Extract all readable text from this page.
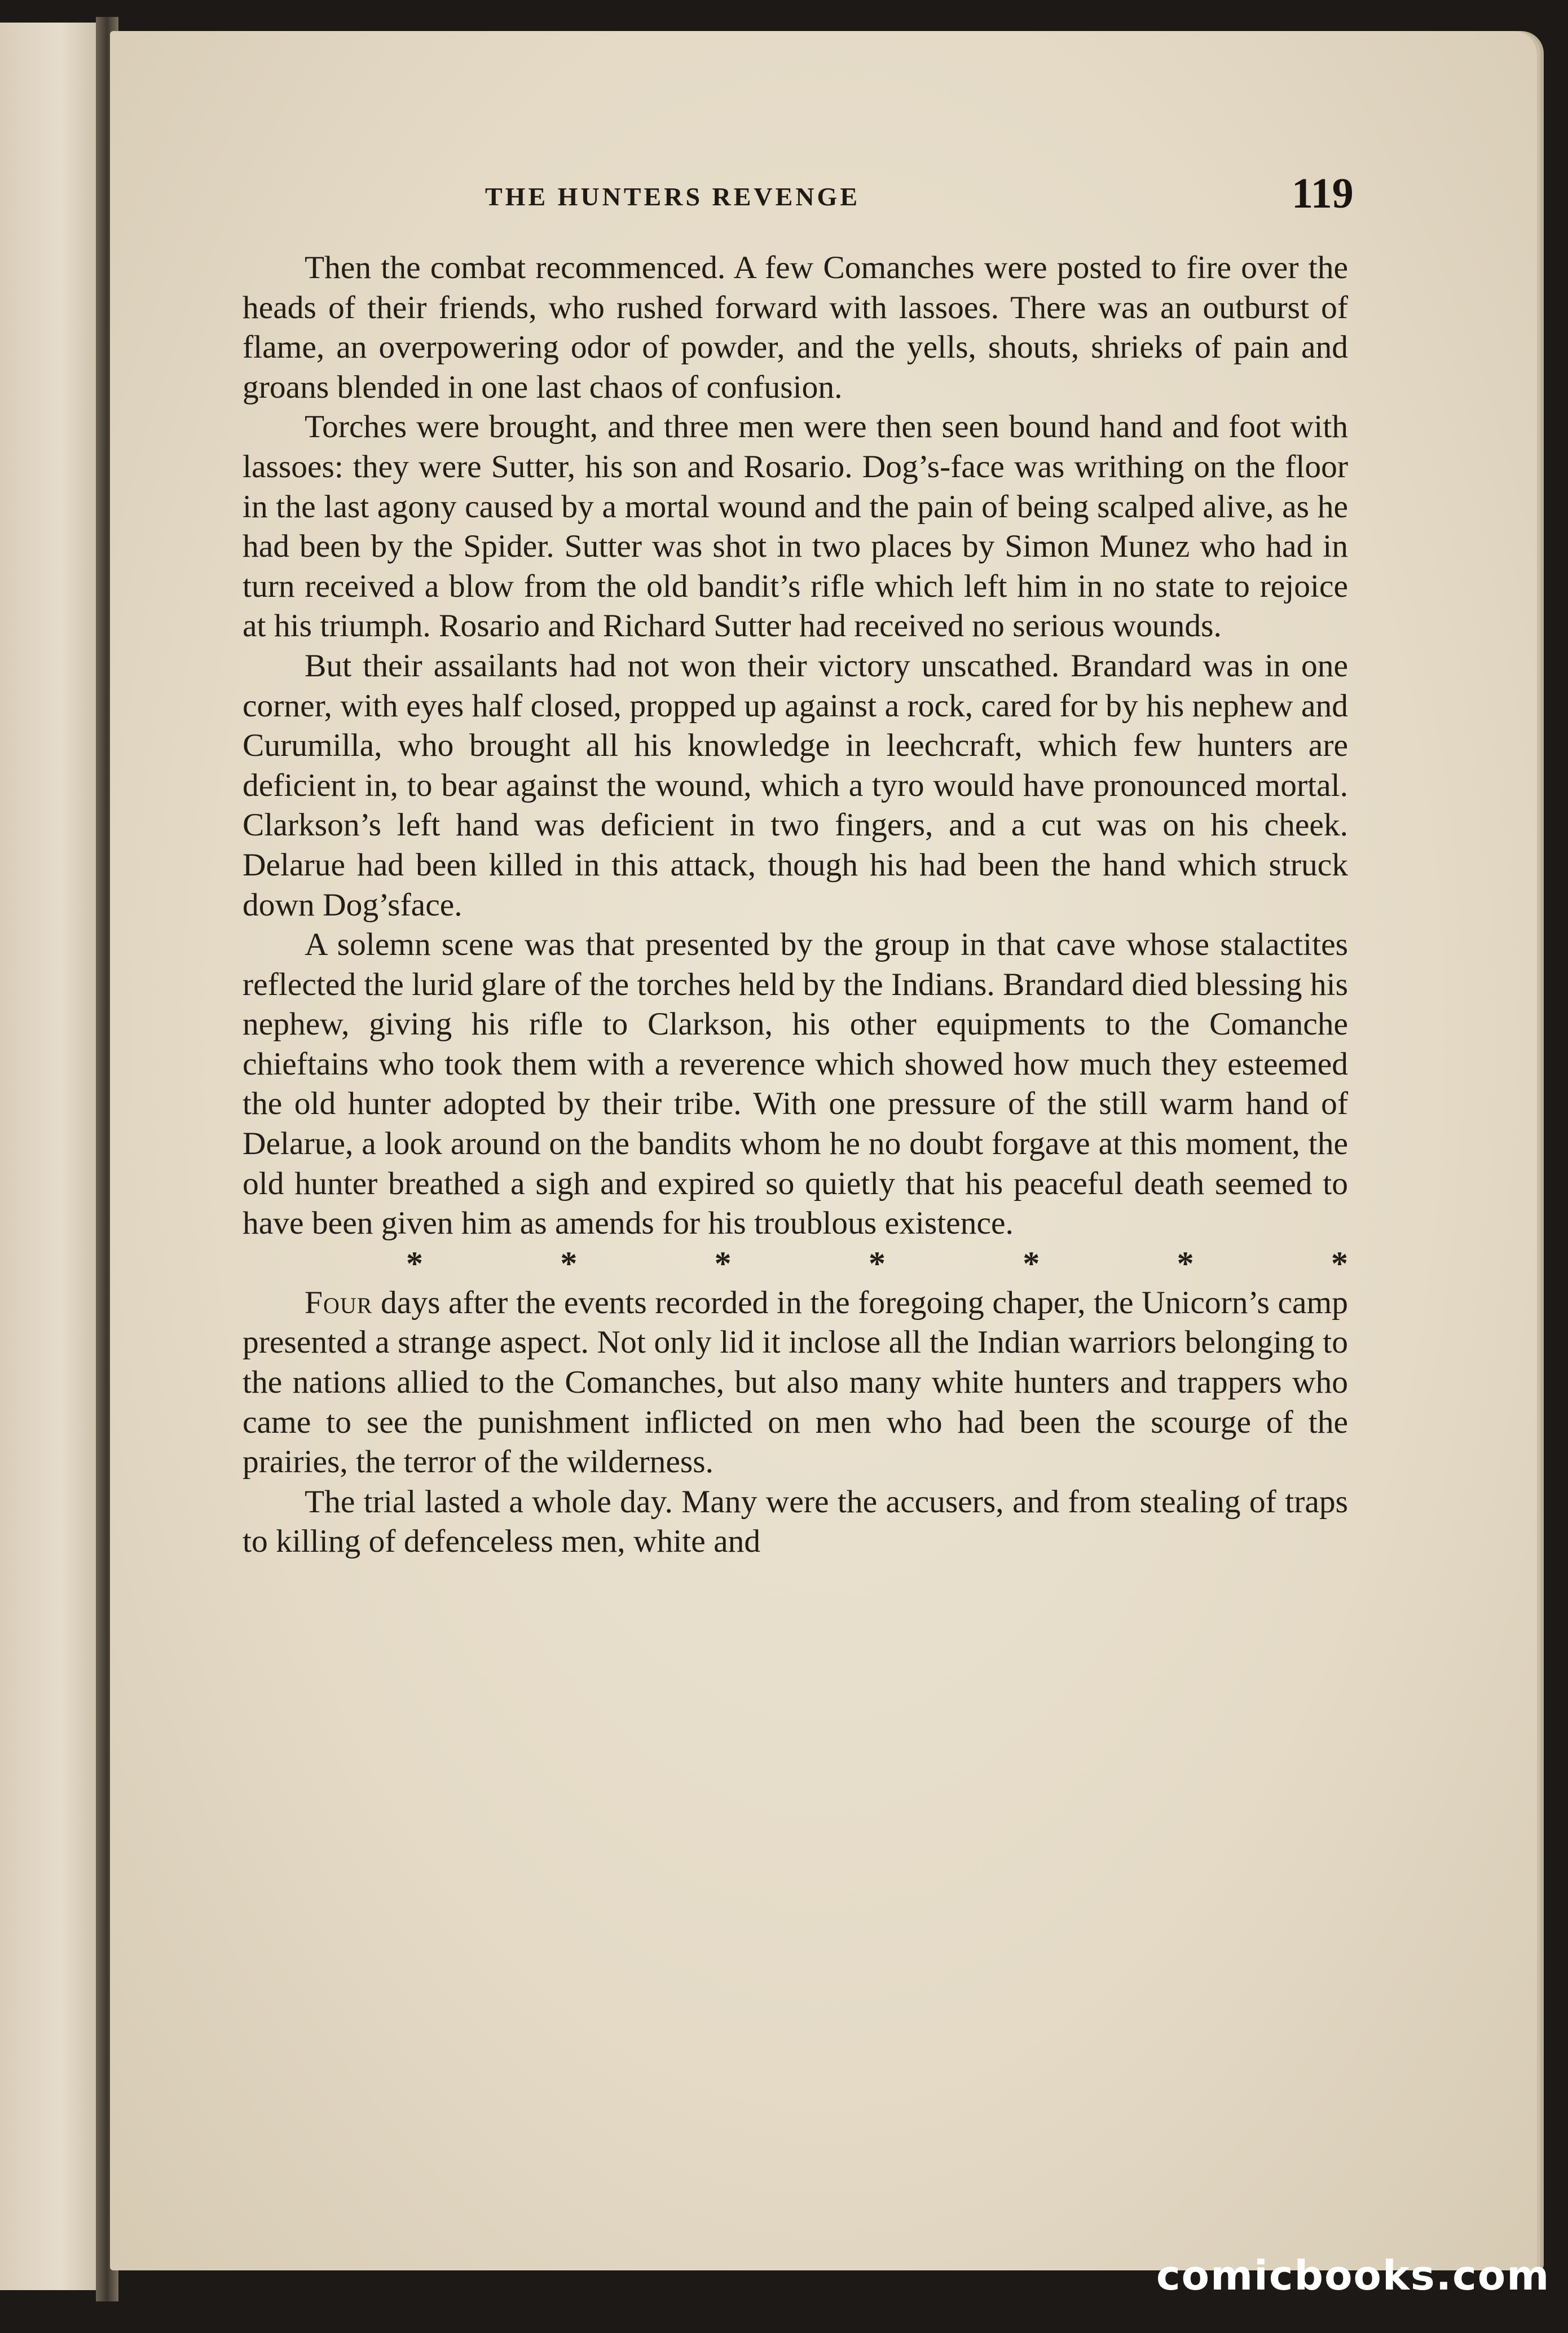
THE HUNTERS REVENGE	119

Then the combat recommenced. A few Comanches were posted to fire over the heads of their friends, who rushed forward with lassoes. There was an outburst of flame, an overpowering odor of powder, and the yells, shouts, shrieks of pain and groans blended in one last chaos of confusion.

Torches were brought, and three men were then seen bound hand and foot with lassoes: they were Sutter, his son and Rosario. Dog’s-face was writhing on the floor in the last agony caused by a mortal wound and the pain of being scalped alive, as he had been by the Spider. Sutter was shot in two places by Simon Munez who had in turn received a blow from the old bandit’s rifle which left him in no state to rejoice at his triumph. Rosario and Richard Sutter had received no serious wounds.

But their assailants had not won their victory unscathed. Brandard was in one corner, with eyes half closed, propped up against a rock, cared for by his nephew and Curumilla, who brought all his knowledge in leechcraft, which few hunters are deficient in, to bear against the wound, which a tyro would have pronounced mortal. Clarkson’s left hand was deficient in two fingers, and a cut was on his cheek. Delarue had been killed in this attack, though his had been the hand which struck down Dog’sface.

A solemn scene was that presented by the group in that cave whose stalactites reflected the lurid glare of the torches held by the Indians. Brandard died blessing his nephew, giving his rifle to Clarkson, his other equipments to the Comanche chieftains who took them with a reverence which showed how much they esteemed the old hunter adopted by their tribe. With one pressure of the still warm hand of Delarue, a look around on the bandits whom he no doubt forgave at this moment, the old hunter breathed a sigh and expired so quietly that his peaceful death seemed to have been given him as amends for his troublous existence.

*	*	*	*	*	*	*

Four days after the events recorded in the foregoing chaper, the Unicorn’s camp presented a strange aspect. Not only lid it inclose all the Indian warriors belonging to the nations allied to the Comanches, but also many white hunters and trappers who came to see the punishment inflicted on men who had been the scourge of the prairies, the terror of the wilderness.

The trial lasted a whole day. Many were the accusers, and from stealing of traps to killing of defenceless men, white and

comicbooks.com
